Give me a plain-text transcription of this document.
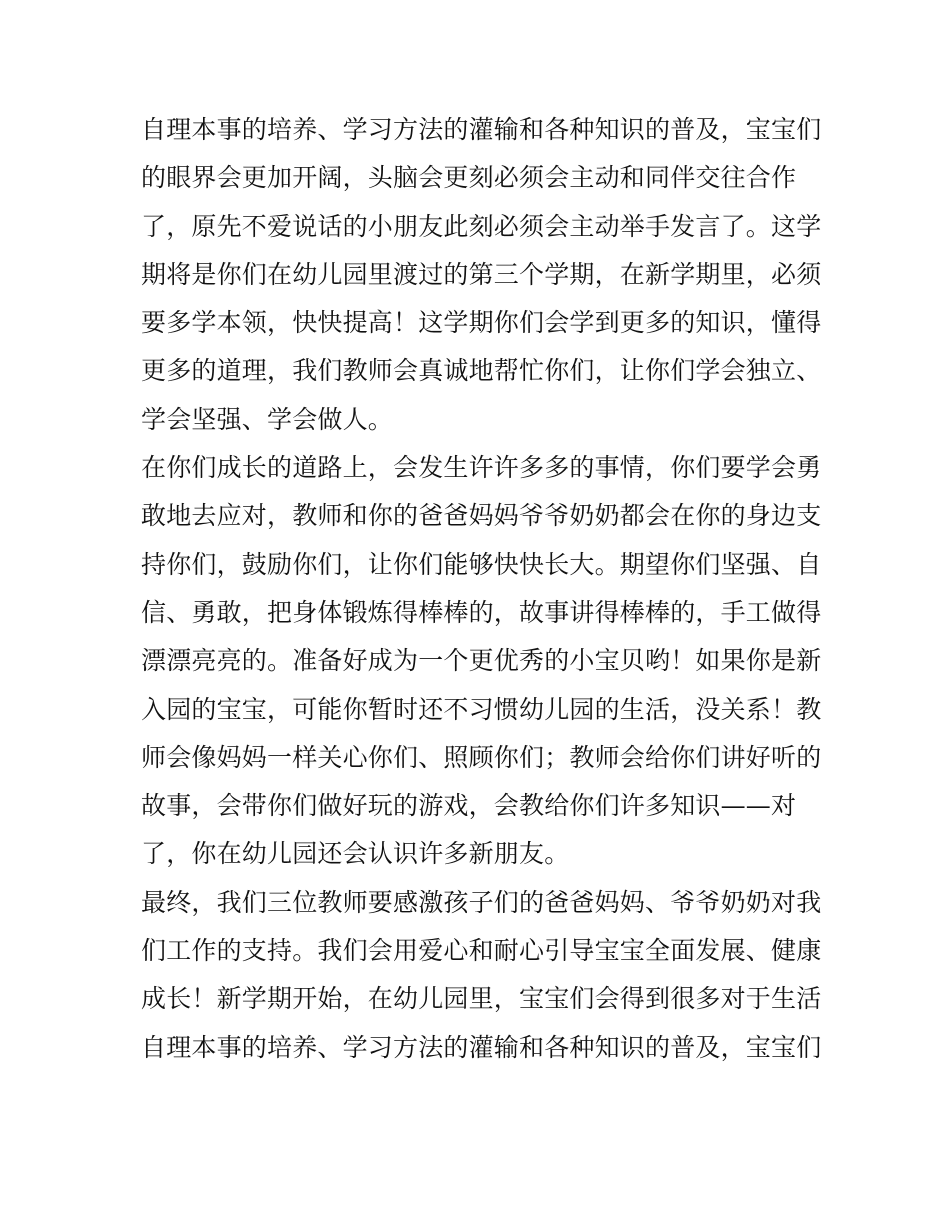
自理本事的培养、学习方法的灌输和各种知识的普及，宝宝们
的眼界会更加开阔，头脑会更刻必须会主动和同伴交往合作
了，原先不爱说话的小朋友此刻必须会主动举手发言了。这学
期将是你们在幼儿园里渡过的第三个学期，在新学期里，必须
要多学本领，快快提高！这学期你们会学到更多的知识，懂得
更多的道理，我们教师会真诚地帮忙你们，让你们学会独立、
学会坚强、学会做人。
在你们成长的道路上，会发生许许多多的事情，你们要学会勇
敢地去应对，教师和你的爸爸妈妈爷爷奶奶都会在你的身边支
持你们，鼓励你们，让你们能够快快长大。期望你们坚强、自
信、勇敢，把身体锻炼得棒棒的，故事讲得棒棒的，手工做得
漂漂亮亮的。准备好成为一个更优秀的小宝贝哟！如果你是新
入园的宝宝，可能你暂时还不习惯幼儿园的生活，没关系！教
师会像妈妈一样关心你们、照顾你们；教师会给你们讲好听的
故事，会带你们做好玩的游戏，会教给你们许多知识——对
了，你在幼儿园还会认识许多新朋友。
最终，我们三位教师要感激孩子们的爸爸妈妈、爷爷奶奶对我
们工作的支持。我们会用爱心和耐心引导宝宝全面发展、健康
成长！新学期开始，在幼儿园里，宝宝们会得到很多对于生活
自理本事的培养、学习方法的灌输和各种知识的普及，宝宝们
